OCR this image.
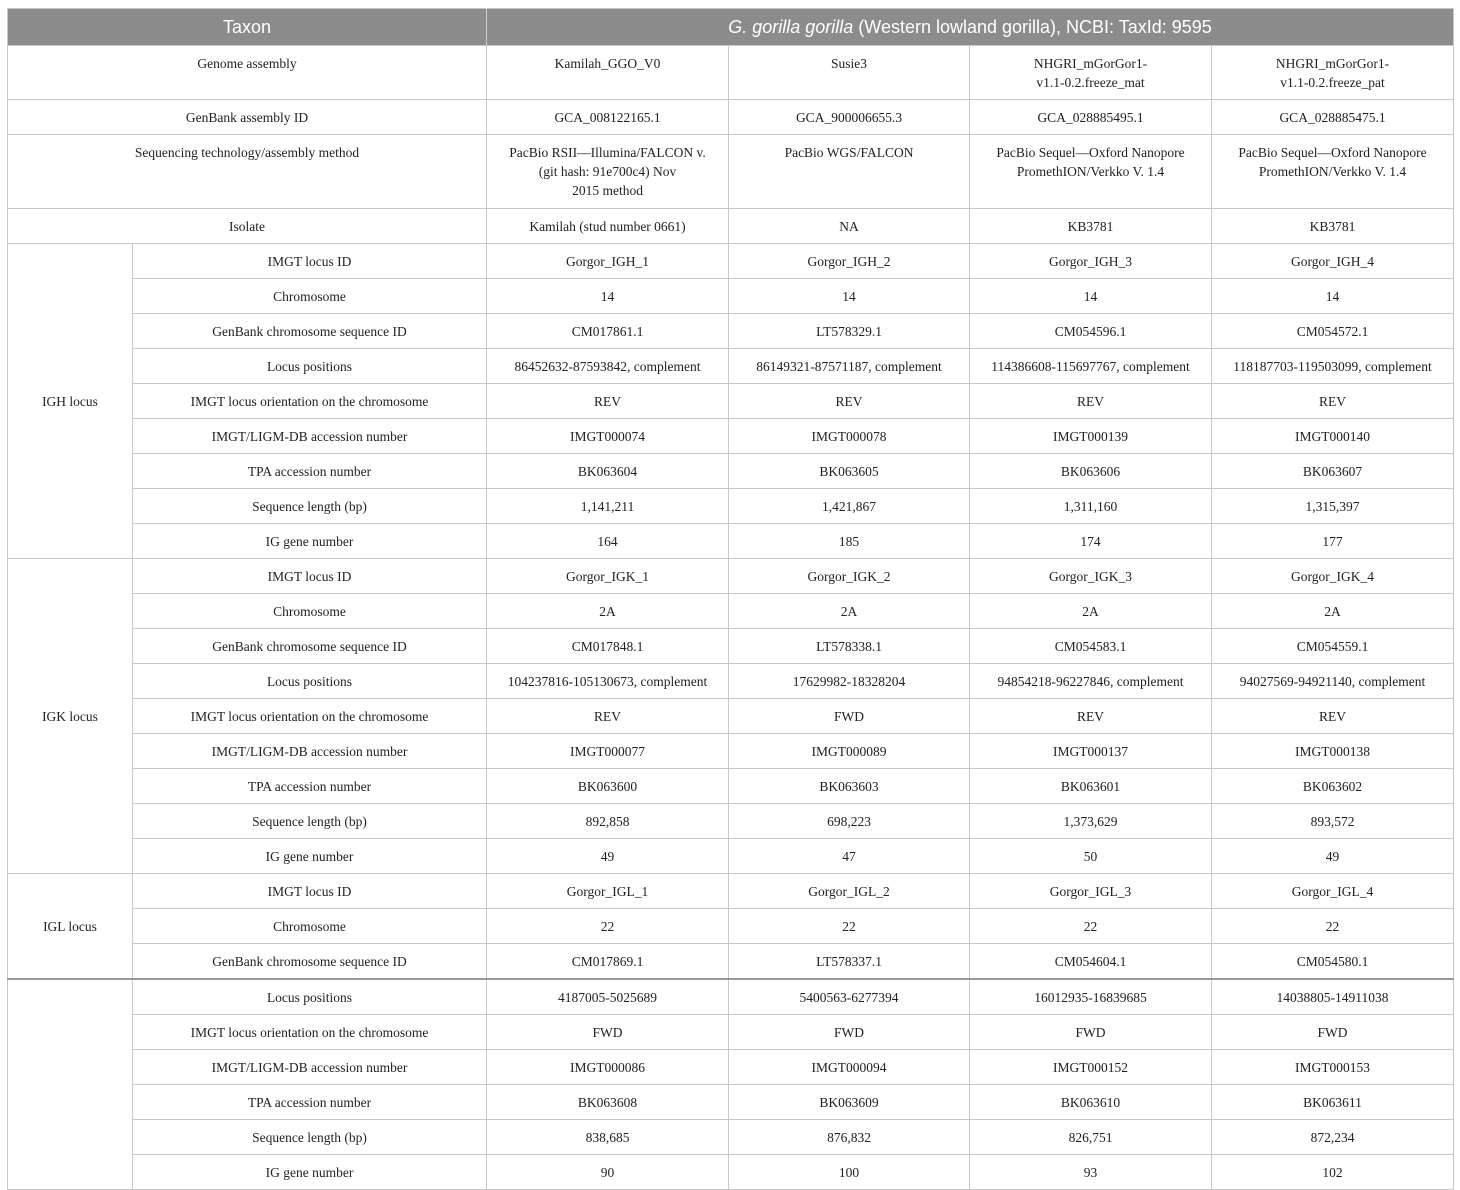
Taxon		G. gorilla gorilla (Western lowland gorilla), NCBI: TaxId: 9595			
Genome assembly		Kamilah_GGO_V0	Susie3	NHGRI_mGorGor1-
v1.1-0.2.freeze_mat	NHGRI_mGorGor1-
v1.1-0.2.freeze_pat
GenBank assembly ID		GCA_008122165.1	GCA_900006655.3	GCA_028885495.1	GCA_028885475.1
Sequencing technology/assembly method		PacBio RSII—Illumina/FALCON v.
(git hash: 91e700c4) Nov
2015 method	PacBio WGS/FALCON	PacBio Sequel—Oxford Nanopore
PromethION/Verkko V. 1.4	PacBio Sequel—Oxford Nanopore
PromethION/Verkko V. 1.4
Isolate		Kamilah (stud number 0661)	NA	KB3781	KB3781
IGH locus	IMGT locus ID	Gorgor_IGH_1	Gorgor_IGH_2	Gorgor_IGH_3	Gorgor_IGH_4
	Chromosome	14	14	14	14
	GenBank chromosome sequence ID	CM017861.1	LT578329.1	CM054596.1	CM054572.1
	Locus positions	86452632-87593842, complement	86149321-87571187, complement	114386608-115697767, complement	118187703-119503099, complement
	IMGT locus orientation on the chromosome	REV	REV	REV	REV
	IMGT/LIGM-DB accession number	IMGT000074	IMGT000078	IMGT000139	IMGT000140
	TPA accession number	BK063604	BK063605	BK063606	BK063607
	Sequence length (bp)	1,141,211	1,421,867	1,311,160	1,315,397
	IG gene number	164	185	174	177
IGK locus	IMGT locus ID	Gorgor_IGK_1	Gorgor_IGK_2	Gorgor_IGK_3	Gorgor_IGK_4
	Chromosome	2A	2A	2A	2A
	GenBank chromosome sequence ID	CM017848.1	LT578338.1	CM054583.1	CM054559.1
	Locus positions	104237816-105130673, complement	17629982-18328204	94854218-96227846, complement	94027569-94921140, complement
	IMGT locus orientation on the chromosome	REV	FWD	REV	REV
	IMGT/LIGM-DB accession number	IMGT000077	IMGT000089	IMGT000137	IMGT000138
	TPA accession number	BK063600	BK063603	BK063601	BK063602
	Sequence length (bp)	892,858	698,223	1,373,629	893,572
	IG gene number	49	47	50	49
IGL locus	IMGT locus ID	Gorgor_IGL_1	Gorgor_IGL_2	Gorgor_IGL_3	Gorgor_IGL_4
	Chromosome	22	22	22	22
	GenBank chromosome sequence ID	CM017869.1	LT578337.1	CM054604.1	CM054580.1
	Locus positions	4187005-5025689	5400563-6277394	16012935-16839685	14038805-14911038
	IMGT locus orientation on the chromosome	FWD	FWD	FWD	FWD
	IMGT/LIGM-DB accession number	IMGT000086	IMGT000094	IMGT000152	IMGT000153
	TPA accession number	BK063608	BK063609	BK063610	BK063611
	Sequence length (bp)	838,685	876,832	826,751	872,234
	IG gene number	90	100	93	102
